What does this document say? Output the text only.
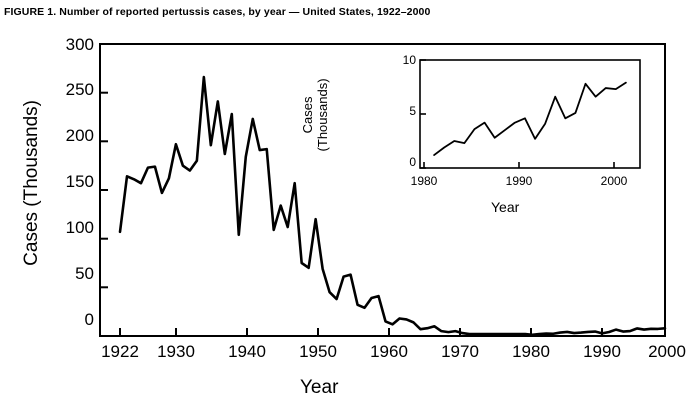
FIGURE 1. Number of reported pertussis cases, by year — United States, 1922–2000
Cases (Thousands)
300
250
200
150
100
50
0
1922	1930	1940	1950	1960	1970	1980	1990	2000
Year
Cases (Thousands)
Year
10
5
0
1980	1990	2000
